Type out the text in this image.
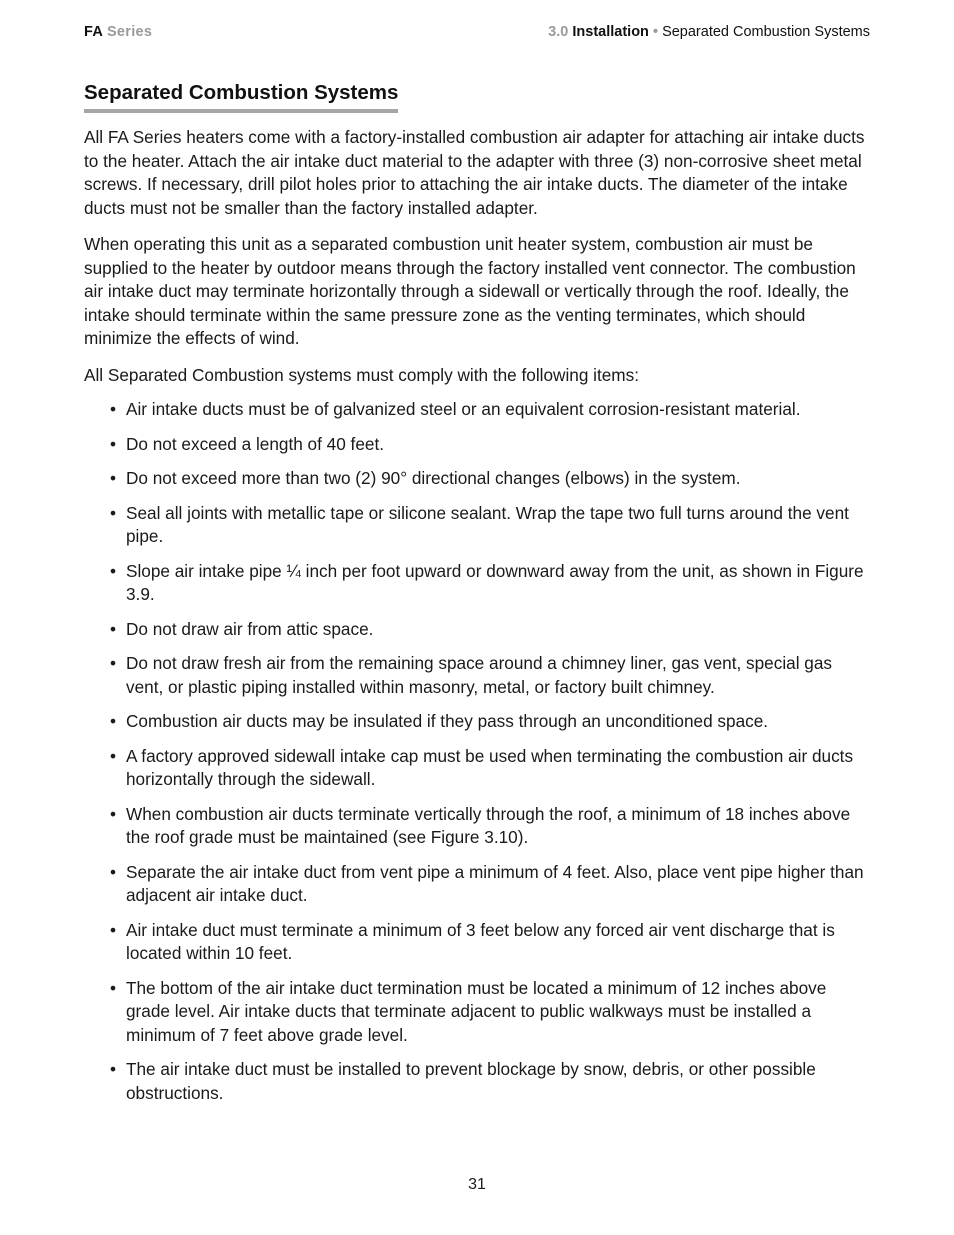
FA Series	3.0 Installation • Separated Combustion Systems
Separated Combustion Systems

All FA Series heaters come with a factory-installed combustion air adapter for attaching air intake ducts to the heater. Attach the air intake duct material to the adapter with three (3) non-corrosive sheet metal screws. If necessary, drill pilot holes prior to attaching the air intake ducts. The diameter of the intake ducts must not be smaller than the factory installed adapter.

When operating this unit as a separated combustion unit heater system, combustion air must be supplied to the heater by outdoor means through the factory installed vent connector. The combustion air intake duct may terminate horizontally through a sidewall or vertically through the roof. Ideally, the intake should terminate within the same pressure zone as the venting terminates, which should minimize the effects of wind.

All Separated Combustion systems must comply with the following items:

• Air intake ducts must be of galvanized steel or an equivalent corrosion-resistant material.
• Do not exceed a length of 40 feet.
• Do not exceed more than two (2) 90° directional changes (elbows) in the system.
• Seal all joints with metallic tape or silicone sealant. Wrap the tape two full turns around the vent pipe.
• Slope air intake pipe ¼ inch per foot upward or downward away from the unit, as shown in Figure 3.9.
• Do not draw air from attic space.
• Do not draw fresh air from the remaining space around a chimney liner, gas vent, special gas vent, or plastic piping installed within masonry, metal, or factory built chimney.
• Combustion air ducts may be insulated if they pass through an unconditioned space.
• A factory approved sidewall intake cap must be used when terminating the combustion air ducts horizontally through the sidewall.
• When combustion air ducts terminate vertically through the roof, a minimum of 18 inches above the roof grade must be maintained (see Figure 3.10).
• Separate the air intake duct from vent pipe a minimum of 4 feet. Also, place vent pipe higher than adjacent air intake duct.
• Air intake duct must terminate a minimum of 3 feet below any forced air vent discharge that is located within 10 feet.
• The bottom of the air intake duct termination must be located a minimum of 12 inches above grade level. Air intake ducts that terminate adjacent to public walkways must be installed a minimum of 7 feet above grade level.
• The air intake duct must be installed to prevent blockage by snow, debris, or other possible obstructions.
31
